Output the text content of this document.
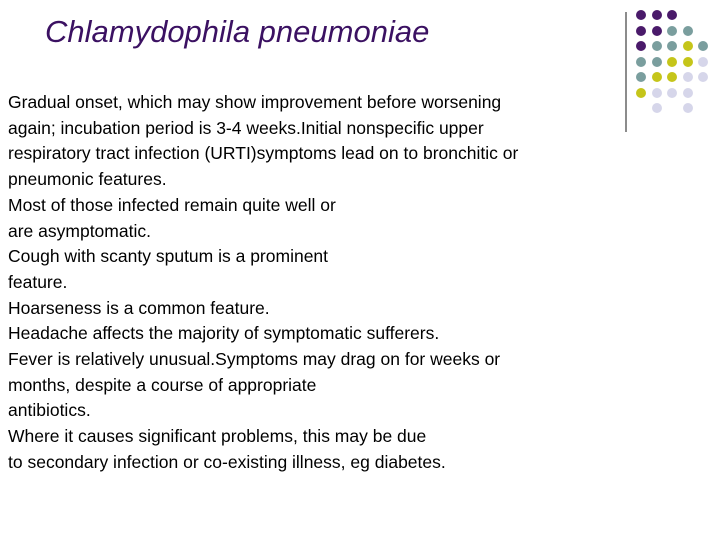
Chlamydophila pneumoniae
Gradual onset, which may show improvement before worsening
again; incubation period is 3-4 weeks.Initial nonspecific upper
respiratory tract infection (URTI)symptoms lead on to bronchitic or
pneumonic features.
Most of those infected remain quite well or
are asymptomatic.
Cough with scanty sputum is a prominent
feature.
Hoarseness is a common feature.
Headache affects the majority of symptomatic sufferers.
Fever is relatively unusual.Symptoms may drag on for weeks or
months, despite a course of appropriate
antibiotics.
Where it causes significant problems, this may be due
to secondary infection or co-existing illness, eg diabetes.
